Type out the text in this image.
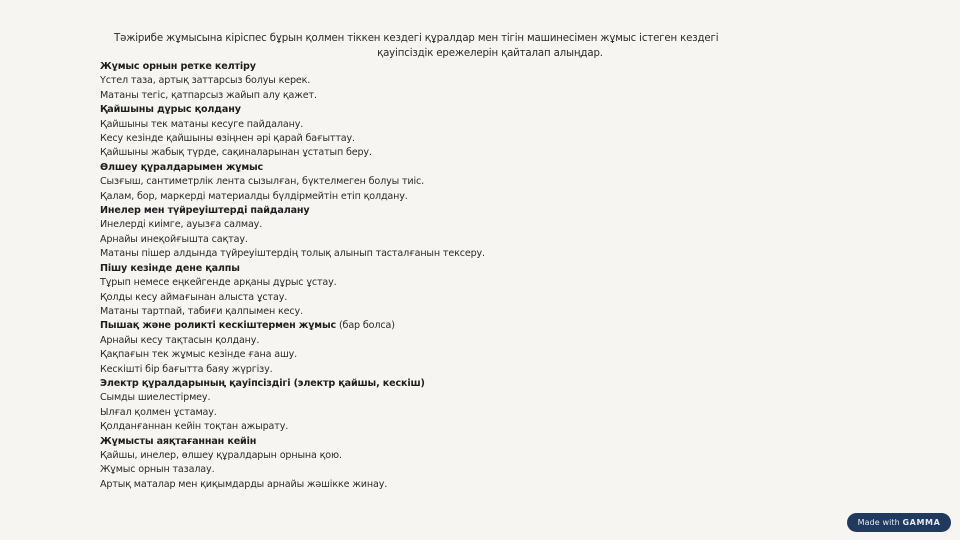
Тәжірибе жұмысына кіріспес бұрын қолмен тіккен кездегі құралдар мен тігін машинесімен жұмыс істеген кездегі
қауіпсіздік ережелерін қайталап алыңдар.
Жұмыс орнын ретке келтіру
Үстел таза, артық заттарсыз болуы керек.
Матаны тегіс, қатпарсыз жайып алу қажет.
Қайшыны дұрыс қолдану
Қайшыны тек матаны кесуге пайдалану.
Кесу кезінде қайшыны өзіңнен әрі қарай бағыттау.
Қайшыны жабық түрде, сақиналарынан ұстатып беру.
Өлшеу құралдарымен жұмыс
Сызғыш, сантиметрлік лента сызылған, бүктелмеген болуы тиіс.
Қалам, бор, маркерді материалды бүлдірмейтін етіп қолдану.
Инелер мен түйреуіштерді пайдалану
Инелерді киімге, ауызға салмау.
Арнайы инеқойғышта сақтау.
Матаны пішер алдында түйреуіштердің толық алынып тасталғанын тексеру.
Пішу кезінде дене қалпы
Тұрып немесе еңкейгенде арқаны дұрыс ұстау.
Қолды кесу аймағынан алыста ұстау.
Матаны тартпай, табиғи қалпымен кесу.
Пышақ және роликті кескіштермен жұмыс (бар болса)
Арнайы кесу тақтасын қолдану.
Қақпағын тек жұмыс кезінде ғана ашу.
Кескішті бір бағытта баяу жүргізу.
Электр құралдарының қауіпсіздігі (электр қайшы, кескіш)
Сымды шиелестірмеу.
Ылғал қолмен ұстамау.
Қолданғаннан кейін тоқтан ажырату.
Жұмысты аяқтағаннан кейін
Қайшы, инелер, өлшеу құралдарын орнына қою.
Жұмыс орнын тазалау.
Артық маталар мен қиқымдарды арнайы жәшікке жинау.
Made with GAMMA
